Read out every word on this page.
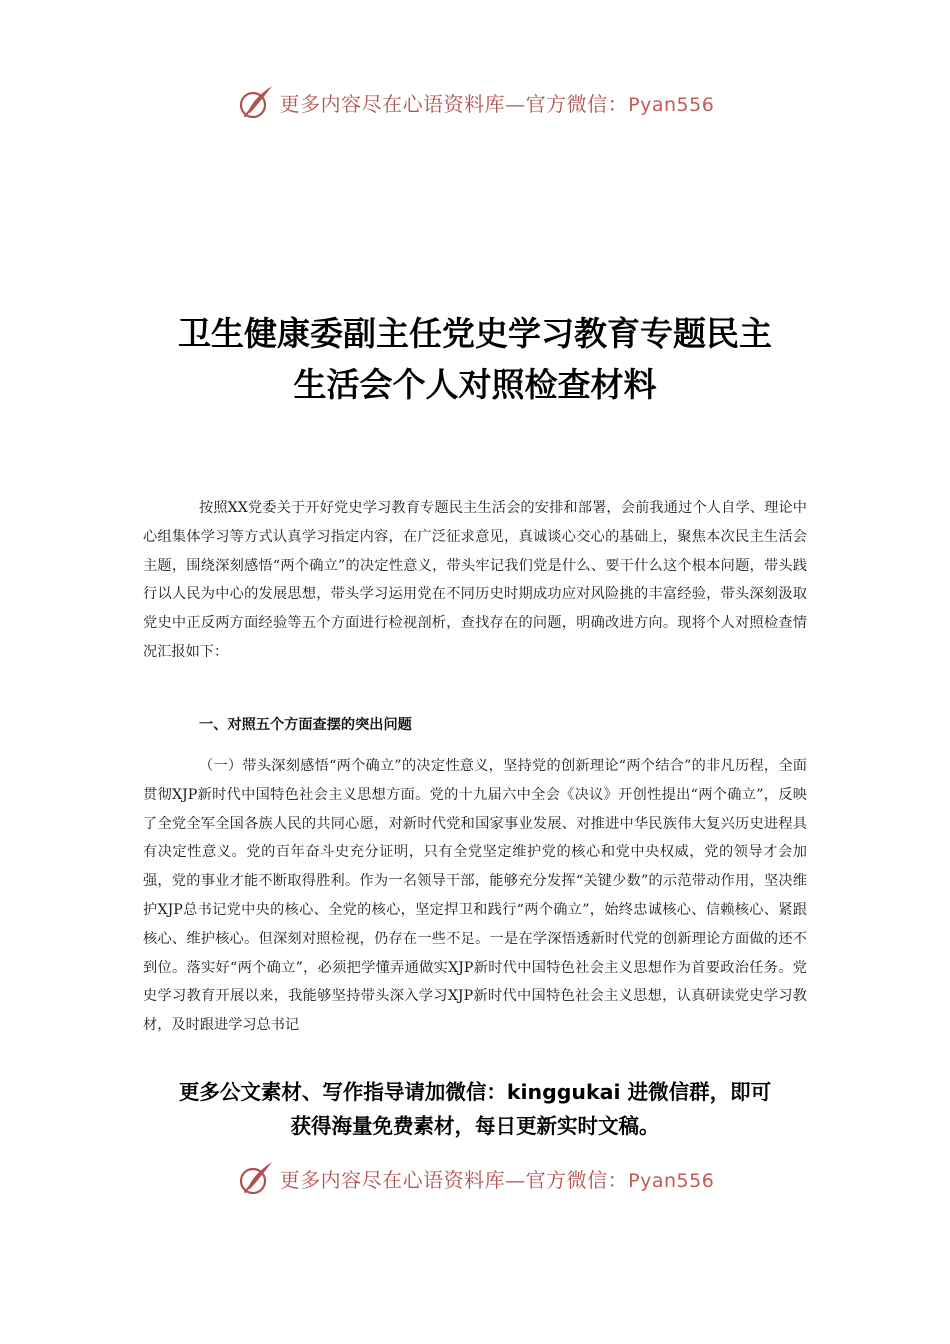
更多内容尽在心语资料库—官方微信：Pyan556
卫生健康委副主任党史学习教育专题民主
生活会个人对照检查材料

按照XX党委关于开好党史学习教育专题民主生活会的安排和部署，会前我通过个人自学、理论中心组集体学习等方式认真学习指定内容，在广泛征求意见，真诚谈心交心的基础上，聚焦本次民主生活会主题，围绕深刻感悟“两个确立”的决定性意义，带头牢记我们党是什么、要干什么这个根本问题，带头践行以人民为中心的发展思想，带头学习运用党在不同历史时期成功应对风险挑的丰富经验，带头深刻汲取党史中正反两方面经验等五个方面进行检视剖析，查找存在的问题，明确改进方向。现将个人对照检查情况汇报如下：

一、对照五个方面查摆的突出问题

（一）带头深刻感悟“两个确立”的决定性意义，坚持党的创新理论“两个结合”的非凡历程，全面贯彻XJP新时代中国特色社会主义思想方面。党的十九届六中全会《决议》开创性提出“两个确立”，反映了全党全军全国各族人民的共同心愿，对新时代党和国家事业发展、对推进中华民族伟大复兴历史进程具有决定性意义。党的百年奋斗史充分证明，只有全党坚定维护党的核心和党中央权威，党的领导才会加强，党的事业才能不断取得胜利。作为一名领导干部，能够充分发挥“关键少数”的示范带动作用，坚决维护XJP总书记党中央的核心、全党的核心，坚定捍卫和践行“两个确立”，始终忠诚核心、信赖核心、紧跟核心、维护核心。但深刻对照检视，仍存在一些不足。一是在学深悟透新时代党的创新理论方面做的还不到位。落实好“两个确立”，必须把学懂弄通做实XJP新时代中国特色社会主义思想作为首要政治任务。党史学习教育开展以来，我能够坚持带头深入学习XJP新时代中国特色社会主义思想，认真研读党史学习教材，及时跟进学习总书记

更多公文素材、写作指导请加微信：kinggukai 进微信群，即可
获得海量免费素材，每日更新实时文稿。
更多内容尽在心语资料库—官方微信：Pyan556
